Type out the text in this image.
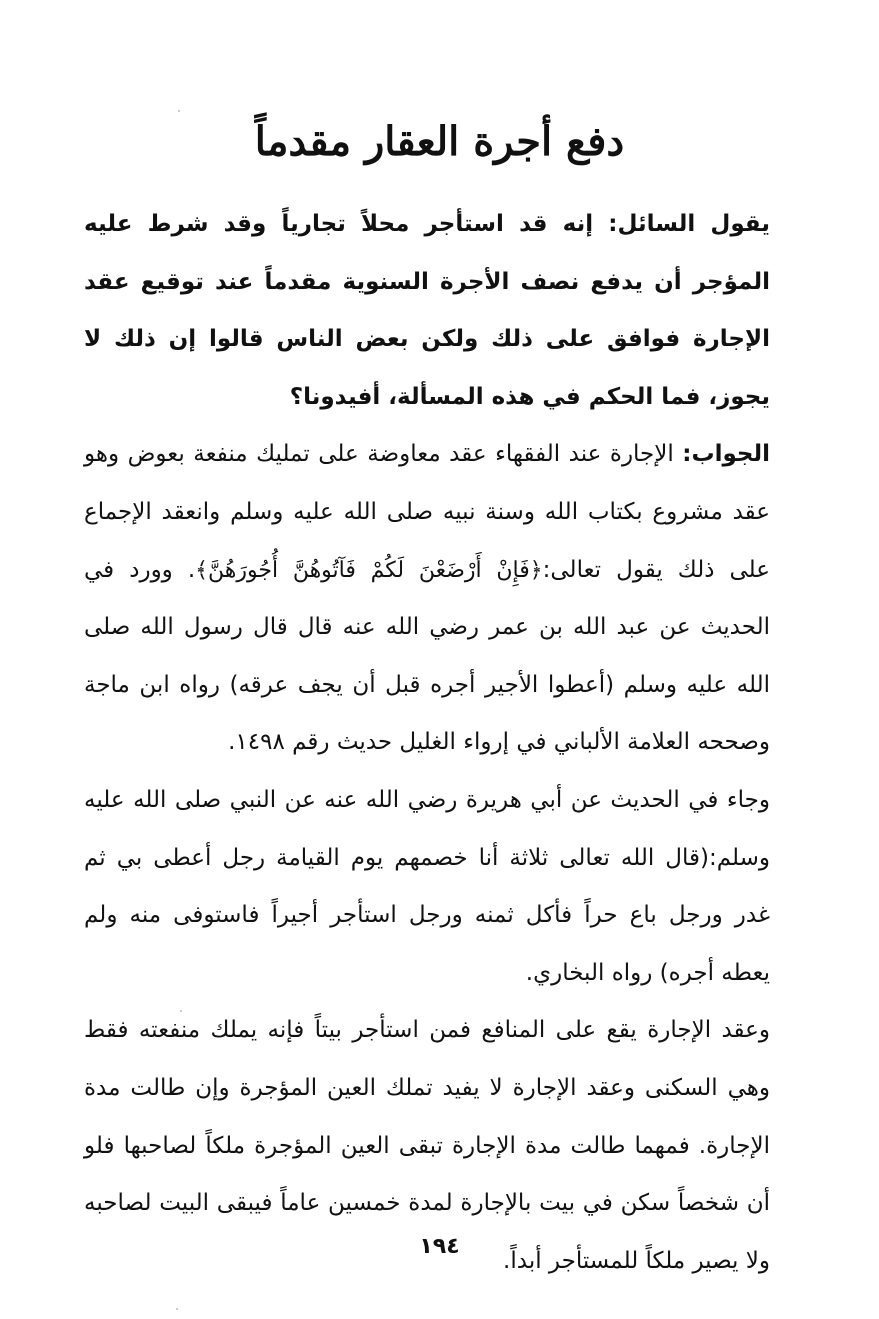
دفع أجرة العقار مقدماً

يقول السائل: إنه قد استأجر محلاً تجارياً وقد شرط عليه المؤجر أن يدفع نصف الأجرة السنوية مقدماً عند توقيع عقد الإجارة فوافق على ذلك ولكن بعض الناس قالوا إن ذلك لا يجوز، فما الحكم في هذه المسألة، أفيدونا؟

الجواب: الإجارة عند الفقهاء عقد معاوضة على تمليك منفعة بعوض وهو عقد مشروع بكتاب الله وسنة نبيه صلى الله عليه وسلم وانعقد الإجماع على ذلك يقول تعالى:﴿فَإِنْ أَرْضَعْنَ لَكُمْ فَآتُوهُنَّ أُجُورَهُنَّ﴾. وورد في الحديث عن عبد الله بن عمر رضي الله عنه قال قال رسول الله صلى الله عليه وسلم (أعطوا الأجير أجره قبل أن يجف عرقه) رواه ابن ماجة وصححه العلامة الألباني في إرواء الغليل حديث رقم ١٤٩٨.

وجاء في الحديث عن أبي هريرة رضي الله عنه عن النبي صلى الله عليه وسلم:(قال الله تعالى ثلاثة أنا خصمهم يوم القيامة رجل أعطى بي ثم غدر ورجل باع حراً فأكل ثمنه ورجل استأجر أجيراً فاستوفى منه ولم يعطه أجره) رواه البخاري.

وعقد الإجارة يقع على المنافع فمن استأجر بيتاً فإنه يملك منفعته فقط وهي السكنى وعقد الإجارة لا يفيد تملك العين المؤجرة وإن طالت مدة الإجارة. فمهما طالت مدة الإجارة تبقى العين المؤجرة ملكاً لصاحبها فلو أن شخصاً سكن في بيت بالإجارة لمدة خمسين عاماً فيبقى البيت لصاحبه ولا يصير ملكاً للمستأجر أبداً.

١٩٤
